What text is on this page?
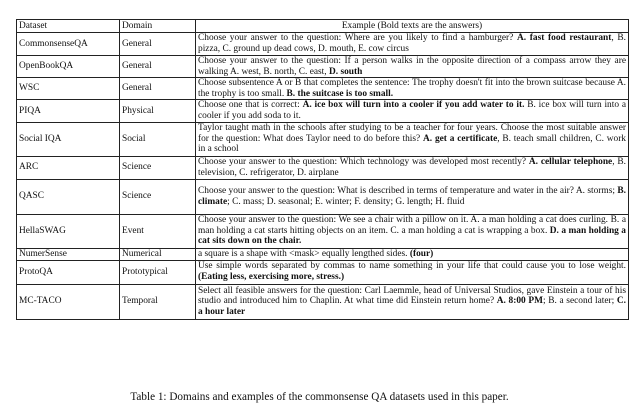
Dataset	Domain	Example (Bold texts are the answers)
CommonsenseQA	General	Choose your answer to the question: Where are you likely to find a hamburger? A. fast food restaurant, B. pizza, C. ground up dead cows, D. mouth, E. cow circus
OpenBookQA	General	Choose your answer to the question: If a person walks in the opposite direction of a compass arrow they are walking A. west, B. north, C. east, D. south
WSC	General	Choose subsentence A or B that completes the sentence: The trophy doesn't fit into the brown suitcase because A. the trophy is too small. B. the suitcase is too small.
PIQA	Physical	Choose one that is correct: A. ice box will turn into a cooler if you add water to it. B. ice box will turn into a cooler if you add soda to it.
Social IQA	Social	Taylor taught math in the schools after studying to be a teacher for four years. Choose the most suitable answer for the question: What does Taylor need to do before this? A. get a certificate, B. teach small children, C. work in a school
ARC	Science	Choose your answer to the question: Which technology was developed most recently? A. cellular telephone, B. television, C. refrigerator, D. airplane
QASC	Science	Choose your answer to the question: What is described in terms of temperature and water in the air? A. storms; B. climate; C. mass; D. seasonal; E. winter; F. density; G. length; H. fluid
HellaSWAG	Event	Choose your answer to the question: We see a chair with a pillow on it. A. a man holding a cat does curling. B. a man holding a cat starts hitting objects on an item. C. a man holding a cat is wrapping a box. D. a man holding a cat sits down on the chair.
NumerSense	Numerical	a square is a shape with <mask> equally lengthed sides. (four)
ProtoQA	Prototypical	Use simple words separated by commas to name something in your life that could cause you to lose weight. (Eating less, exercising more, stress.)
MC-TACO	Temporal	Select all feasible answers for the question: Carl Laemmle, head of Universal Studios, gave Einstein a tour of his studio and introduced him to Chaplin. At what time did Einstein return home? A. 8:00 PM; B. a second later; C. a hour later
Table 1: Domains and examples of the commonsense QA datasets used in this paper.
